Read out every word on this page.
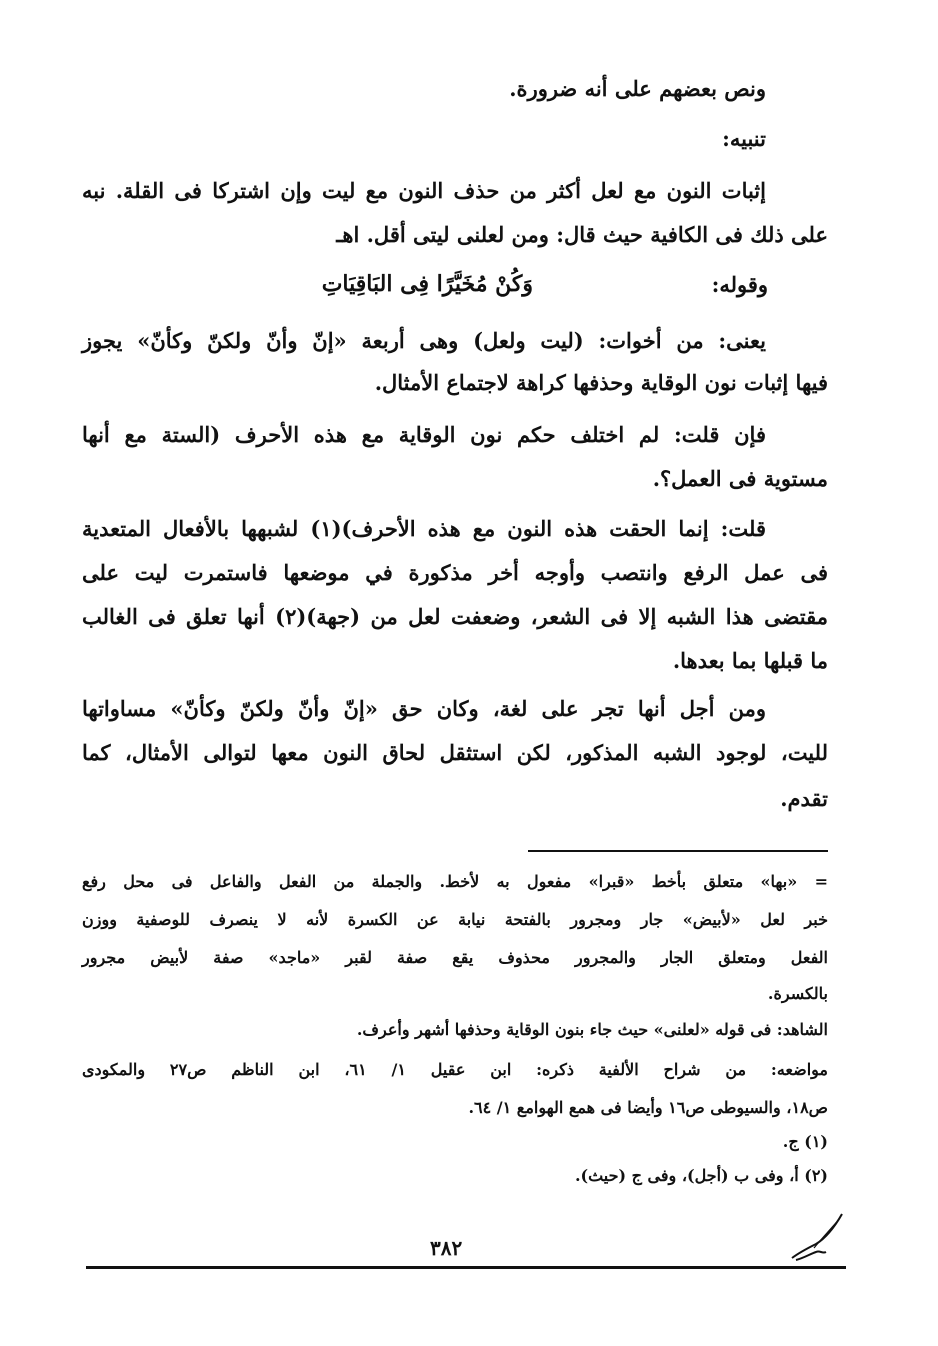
ونص بعضهم على أنه ضرورة.
تنبيه:
إثبات النون مع لعل أكثر من حذف النون مع ليت وإن اشتركا فى القلة. نبه
على ذلك فى الكافية حيث قال: ومن لعلنى ليتى أقل. اهـ
وقوله:
وَكُنْ مُخَيَّرًا فِى البَاقِيَاتِ
يعنى: من أخوات: (ليت ولعل) وهى أربعة «إنّ وأنّ ولكنّ وكأنّ» يجوز
فيها إثبات نون الوقاية وحذفها كراهة لاجتماع الأمثال.
فإن قلت: لم اختلف حكم نون الوقاية مع هذه الأحرف (الستة مع أنها
مستوية فى العمل؟.
قلت: إنما الحقت هذه النون مع هذه الأحرف)(١) لشبهها بالأفعال المتعدية
فى عمل الرفع وانتصب وأوجه أخر مذكورة في موضعها فاستمرت ليت على
مقتضى هذا الشبه إلا فى الشعر، وضعفت لعل من (جهة)(٢) أنها تعلق فى الغالب
ما قبلها بما بعدها.
ومن أجل أنها تجر على لغة، وكان حق «إنّ وأنّ ولكنّ وكأنّ» مساواتها
لليت، لوجود الشبه المذكور، لكن استثقل لحاق النون معها لتوالى الأمثال، كما
تقدم.
= «بها» متعلق بأخط «قبرا» مفعول به لأخط. والجملة من الفعل والفاعل فى محل رفع
خبر لعل «لأبيض» جار ومجرور بالفتحة نيابة عن الكسرة لأنه لا ينصرف للوصفية ووزن
الفعل ومتعلق الجار والمجرور محذوف يقع صفة لقبر «ماجد» صفة لأبيض مجرور
بالكسرة.
الشاهد: فى قوله «لعلنى» حيث جاء بنون الوقاية وحذفها أشهر وأعرف.
مواضعه: من شراح الألفية ذكره: ابن عقيل ١/ ٦١، ابن الناظم ص٢٧ والمكودى
ص١٨، والسيوطى ص١٦ وأيضا فى همع الهوامع ١/ ٦٤.
(١) ج.
(٢) أ، وفى ب (أجل)، وفى ج (حيث).
٣٨٢
